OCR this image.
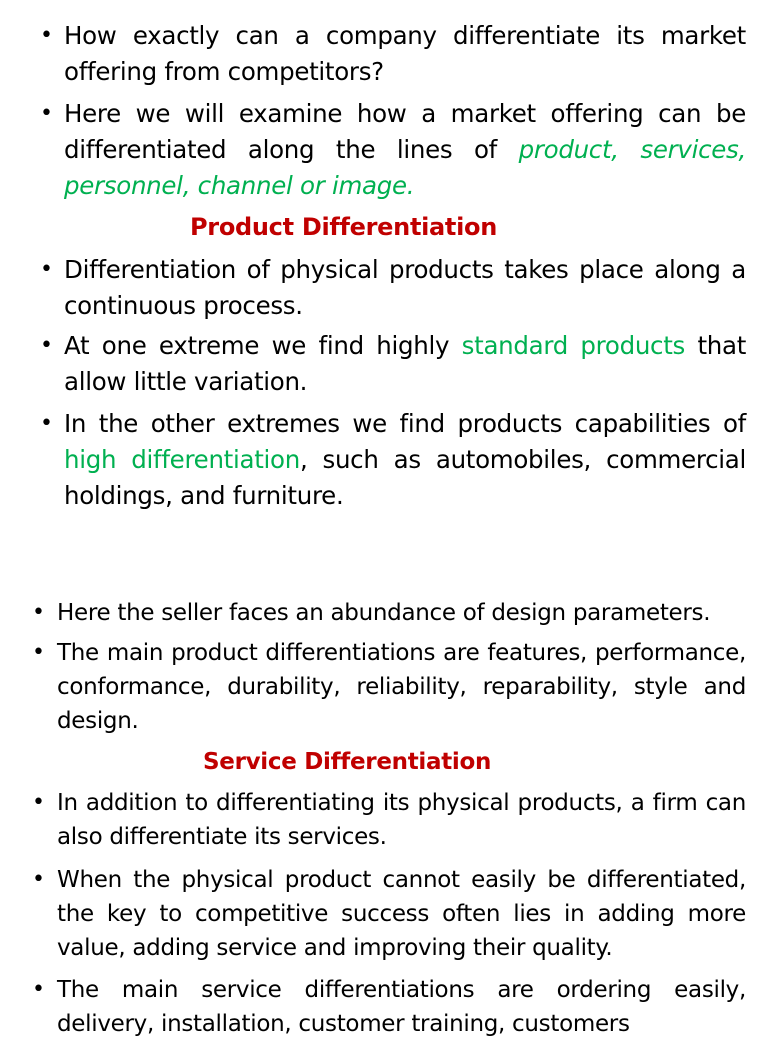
• How exactly can a company differentiate its market offering from competitors?
• Here we will examine how a market offering can be differentiated along the lines of product, services, personnel, channel or image.
Product Differentiation
• Differentiation of physical products takes place along a continuous process.
• At one extreme we find highly standard products that allow little variation.
• In the other extremes we find products capabilities of high differentiation, such as automobiles, commercial holdings, and furniture.
• Here the seller faces an abundance of design parameters.
• The main product differentiations are features, performance, conformance, durability, reliability, reparability, style and design.
Service Differentiation
• In addition to differentiating its physical products, a firm can also differentiate its services.
• When the physical product cannot easily be differentiated, the key to competitive success often lies in adding more value, adding service and improving their quality.
• The main service differentiations are ordering easily, delivery, installation, customer training, customers
